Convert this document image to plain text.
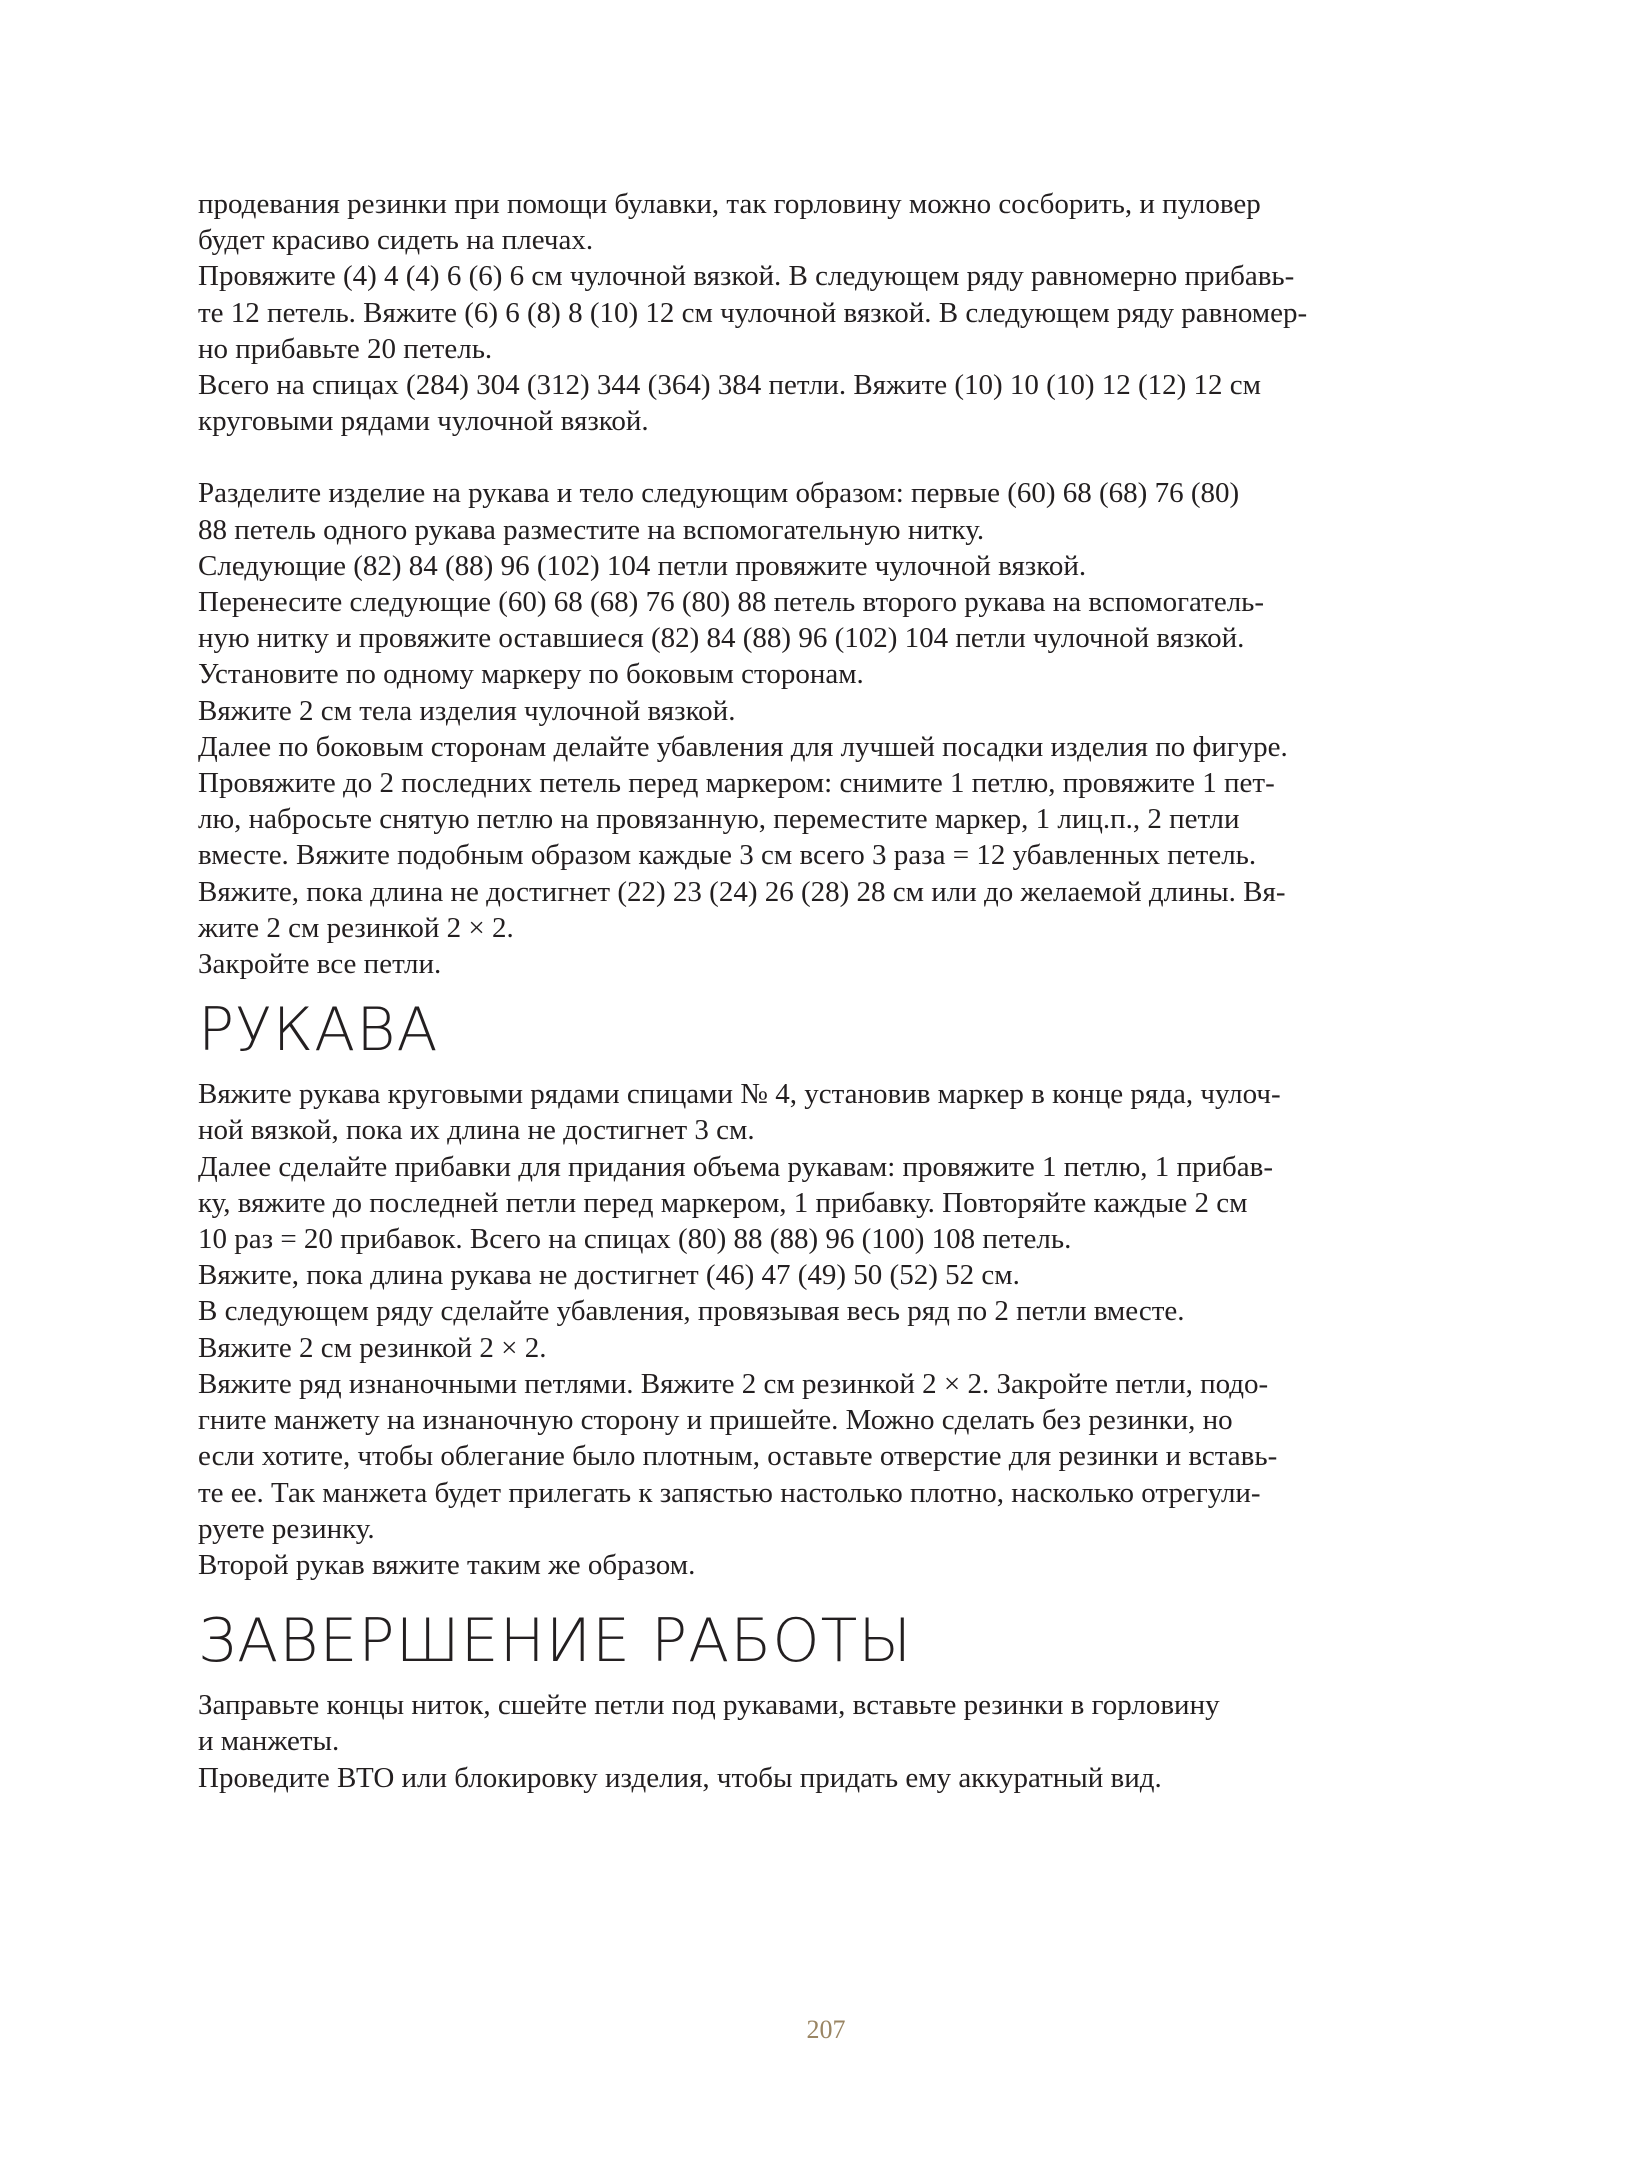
продевания резинки при помощи булавки, так горловину можно сосборить, и пуловер

будет красиво сидеть на плечах.

Провяжите (4) 4 (4) 6 (6) 6 см чулочной вязкой. В следующем ряду равномерно прибавь-

те 12 петель. Вяжите (6) 6 (8) 8 (10) 12 см чулочной вязкой. В следующем ряду равномер-

но прибавьте 20 петель.

Всего на спицах (284) 304 (312) 344 (364) 384 петли. Вяжите (10) 10 (10) 12 (12) 12 см

круговыми рядами чулочной вязкой.

Разделите изделие на рукава и тело следующим образом: первые (60) 68 (68) 76 (80)

88 петель одного рукава разместите на вспомогательную нитку.

Следующие (82) 84 (88) 96 (102) 104 петли провяжите чулочной вязкой.

Перенесите следующие (60) 68 (68) 76 (80) 88 петель второго рукава на вспомогатель-

ную нитку и провяжите оставшиеся (82) 84 (88) 96 (102) 104 петли чулочной вязкой.

Установите по одному маркеру по боковым сторонам.

Вяжите 2 см тела изделия чулочной вязкой.

Далее по боковым сторонам делайте убавления для лучшей посадки изделия по фигуре.

Провяжите до 2 последних петель перед маркером: снимите 1 петлю, провяжите 1 пет-

лю, набросьте снятую петлю на провязанную, переместите маркер, 1 лиц.п., 2 петли

вместе. Вяжите подобным образом каждые 3 см всего 3 раза = 12 убавленных петель.

Вяжите, пока длина не достигнет (22) 23 (24) 26 (28) 28 см или до желаемой длины. Вя-

жите 2 см резинкой 2 × 2.

Закройте все петли.

РУКАВА

Вяжите рукава круговыми рядами спицами № 4, установив маркер в конце ряда, чулоч-

ной вязкой, пока их длина не достигнет 3 см.

Далее сделайте прибавки для придания объема рукавам: провяжите 1 петлю, 1 прибав-

ку, вяжите до последней петли перед маркером, 1 прибавку. Повторяйте каждые 2 см

10 раз = 20 прибавок. Всего на спицах (80) 88 (88) 96 (100) 108 петель.

Вяжите, пока длина рукава не достигнет (46) 47 (49) 50 (52) 52 см.

В следующем ряду сделайте убавления, провязывая весь ряд по 2 петли вместе.

Вяжите 2 см резинкой 2 × 2.

Вяжите ряд изнаночными петлями. Вяжите 2 см резинкой 2 × 2. Закройте петли, подо-

гните манжету на изнаночную сторону и пришейте. Можно сделать без резинки, но

если хотите, чтобы облегание было плотным, оставьте отверстие для резинки и вставь-

те ее. Так манжета будет прилегать к запястью настолько плотно, насколько отрегули-

руете резинку.

Второй рукав вяжите таким же образом.

ЗАВЕРШЕНИЕ РАБОТЫ

Заправьте концы ниток, сшейте петли под рукавами, вставьте резинки в горловину

и манжеты.

Проведите ВТО или блокировку изделия, чтобы придать ему аккуратный вид.

207
